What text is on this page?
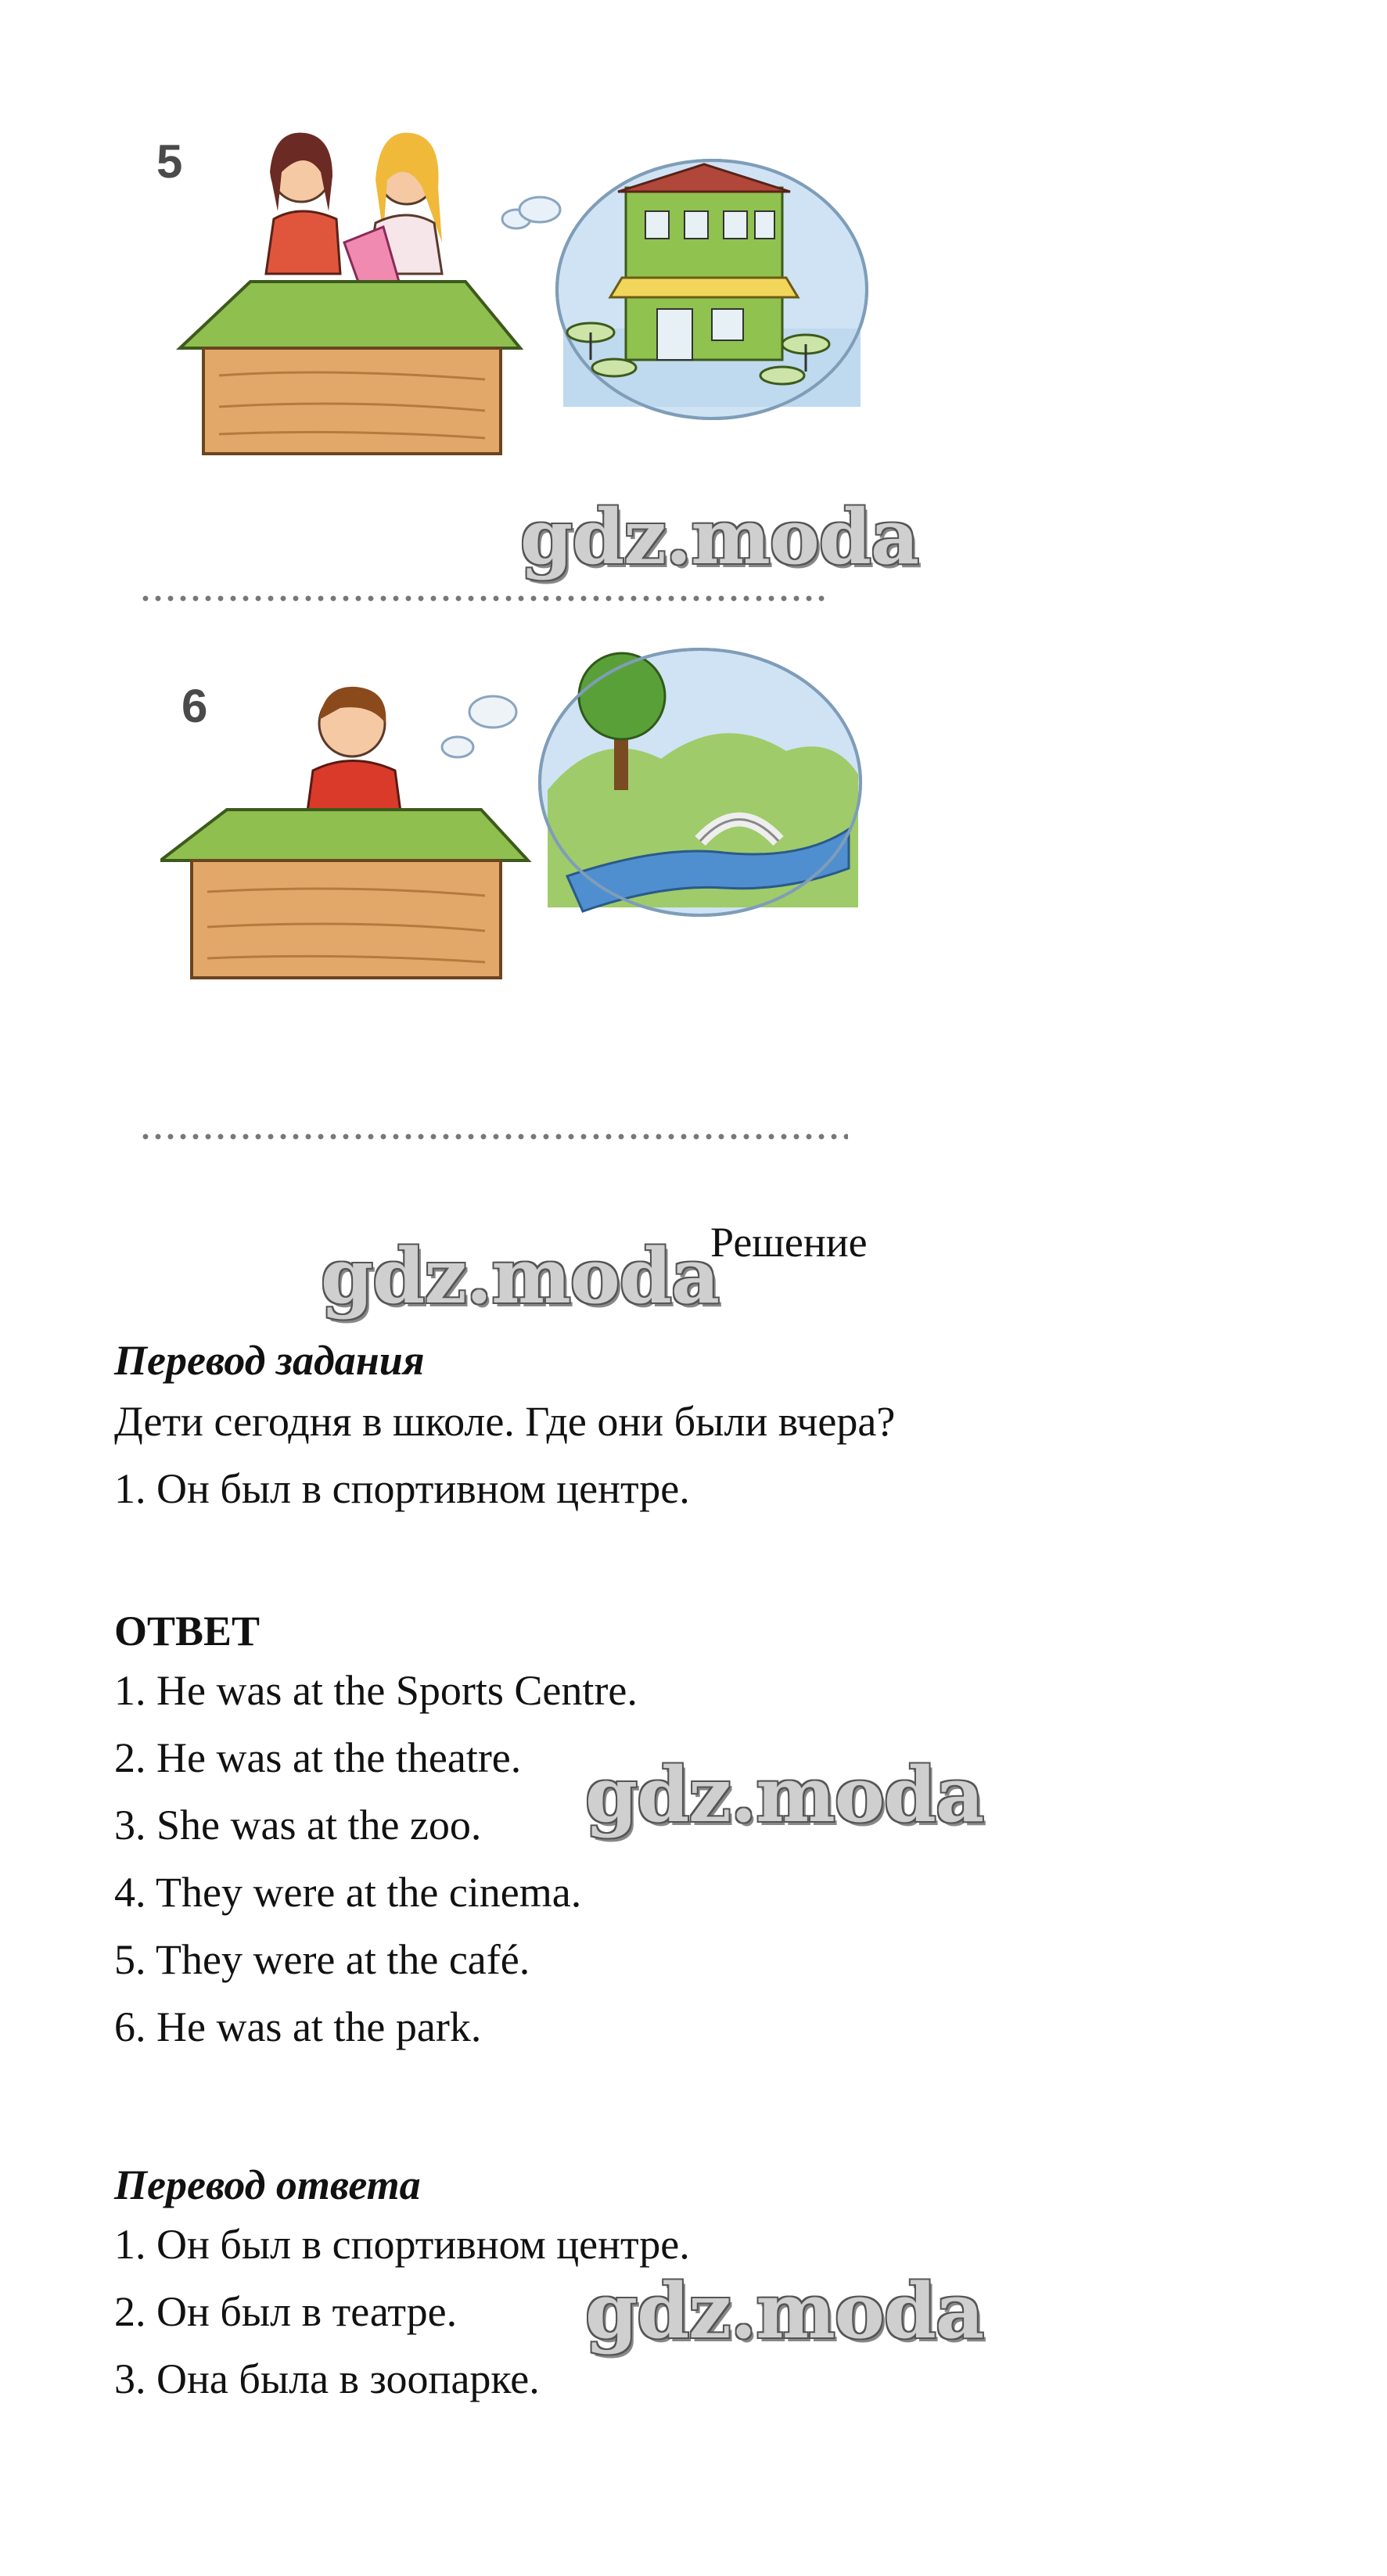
5
gdz.moda
6
gdz.moda
Решение
Перевод задания

Дети сегодня в школе. Где они были вчера?

1. Он был в спортивном центре.

ОТВЕТ

1. He was at the Sports Centre.

2. He was at the theatre.

3. She was at the zoo.

4. They were at the cinema.

5. They were at the café.

6. He was at the park.

gdz.moda
Перевод ответа

1. Он был в спортивном центре.

2. Он был в театре.

3. Она была в зоопарке.

gdz.moda
